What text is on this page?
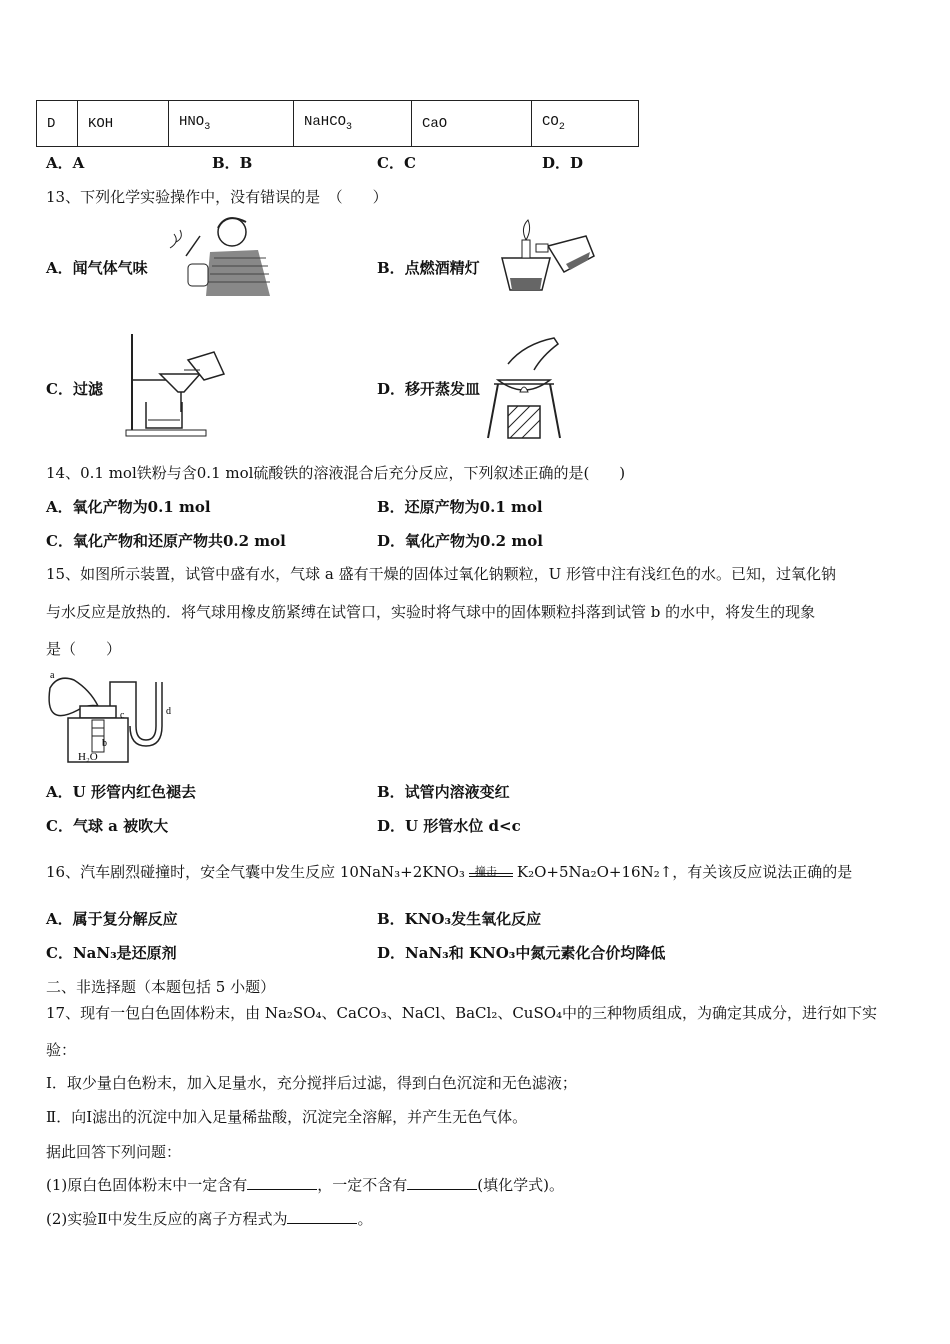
D	KOH	$HNO_3$	NaHCO$_3$	CaO	$CO_2$
A．A	B．B	C．C	D．D
13、下列化学实验操作中，没有错误的是　（　　）
A．闻气体气味	B．点燃酒精灯
C．过滤	D．移开蒸发皿
14、0.1 mol铁粉与含0.1 mol硫酸铁的溶液混合后充分反应，下列叙述正确的是(　　)
A．氧化产物为0.1 mol	B．还原产物为0.1 mol
C．氧化产物和还原产物共0.2 mol	D．氧化产物为0.2 mol
15、如图所示装置，试管中盛有水，气球 a 盛有干燥的固体过氧化钠颗粒，U 形管中注有浅红色的水。已知，过氧化钠
与水反应是放热的．将气球用橡皮筋紧缚在试管口，实验时将气球中的固体颗粒抖落到试管 b 的水中，将发生的现象
是（　　）
a
b
H₂O
c	d
A．U 形管内红色褪去	B．试管内溶液变红
C．气球 a 被吹大	D．U 形管水位 d<c
16、汽车剧烈碰撞时，安全气囊中发生反应 10NaN₃+2KNO₃ 撞击 K₂O+5Na₂O+16N₂↑，有关该反应说法正确的是
A．属于复分解反应	B．KNO₃发生氧化反应
C．NaN₃是还原剂	D．NaN₃和 KNO₃中氮元素化合价均降低
二、非选择题（本题包括 5 小题）
17、现有一包白色固体粉末，由 Na₂SO₄、CaCO₃、NaCl、BaCl₂、CuSO₄中的三种物质组成，为确定其成分，进行如下实
验：
Ⅰ．取少量白色粉末，加入足量水，充分搅拌后过滤，得到白色沉淀和无色滤液；
Ⅱ．向Ⅰ滤出的沉淀中加入足量稀盐酸，沉淀完全溶解，并产生无色气体。
据此回答下列问题：
(1)原白色固体粉末中一定含有	，一定不含有	(填化学式)。
(2)实验Ⅱ中发生反应的离子方程式为	。
